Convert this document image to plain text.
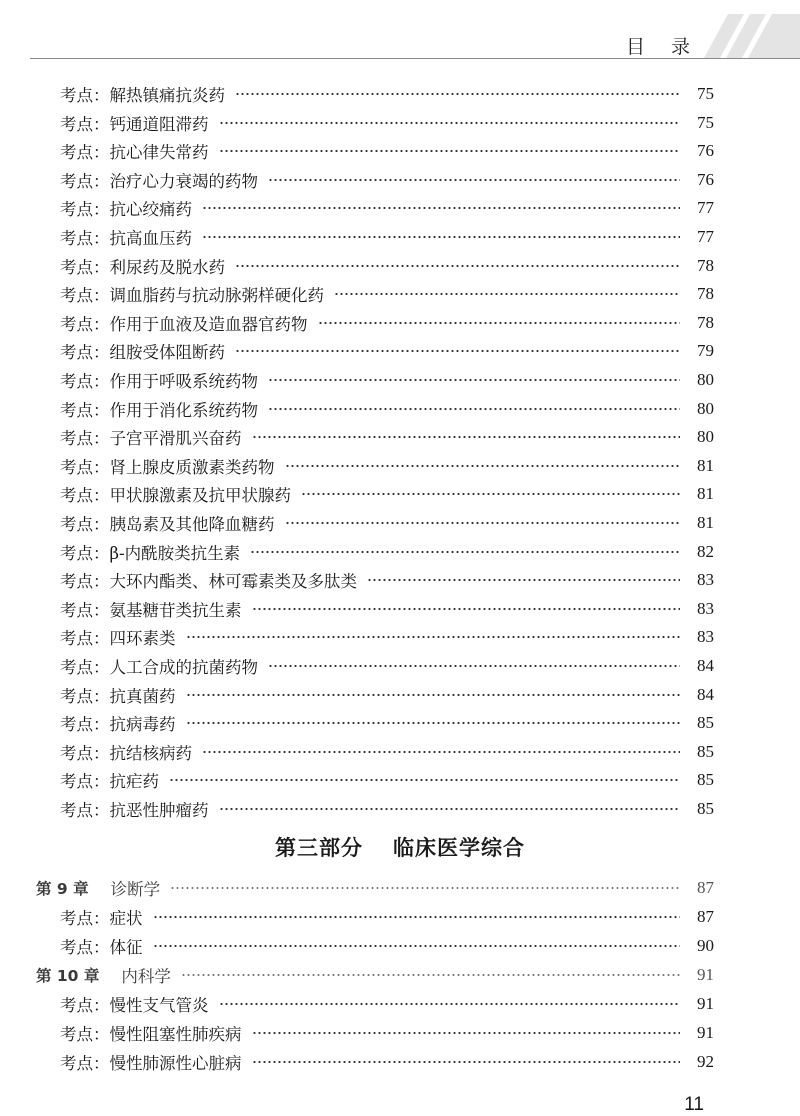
目录
考点：解热镇痛抗炎药	75
考点：钙通道阻滞药	75
考点：抗心律失常药	76
考点：治疗心力衰竭的药物	76
考点：抗心绞痛药	77
考点：抗高血压药	77
考点：利尿药及脱水药	78
考点：调血脂药与抗动脉粥样硬化药	78
考点：作用于血液及造血器官药物	78
考点：组胺受体阻断药	79
考点：作用于呼吸系统药物	80
考点：作用于消化系统药物	80
考点：子宫平滑肌兴奋药	80
考点：肾上腺皮质激素类药物	81
考点：甲状腺激素及抗甲状腺药	81
考点：胰岛素及其他降血糖药	81
考点：β-内酰胺类抗生素	82
考点：大环内酯类、林可霉素类及多肽类	83
考点：氨基糖苷类抗生素	83
考点：四环素类	83
考点：人工合成的抗菌药物	84
考点：抗真菌药	84
考点：抗病毒药	85
考点：抗结核病药	85
考点：抗疟药	85
考点：抗恶性肿瘤药	85
第三部分 临床医学综合
第 9 章 诊断学	87
考点：症状	87
考点：体征	90
第 10 章 内科学	91
考点：慢性支气管炎	91
考点：慢性阻塞性肺疾病	91
考点：慢性肺源性心脏病	92
11
